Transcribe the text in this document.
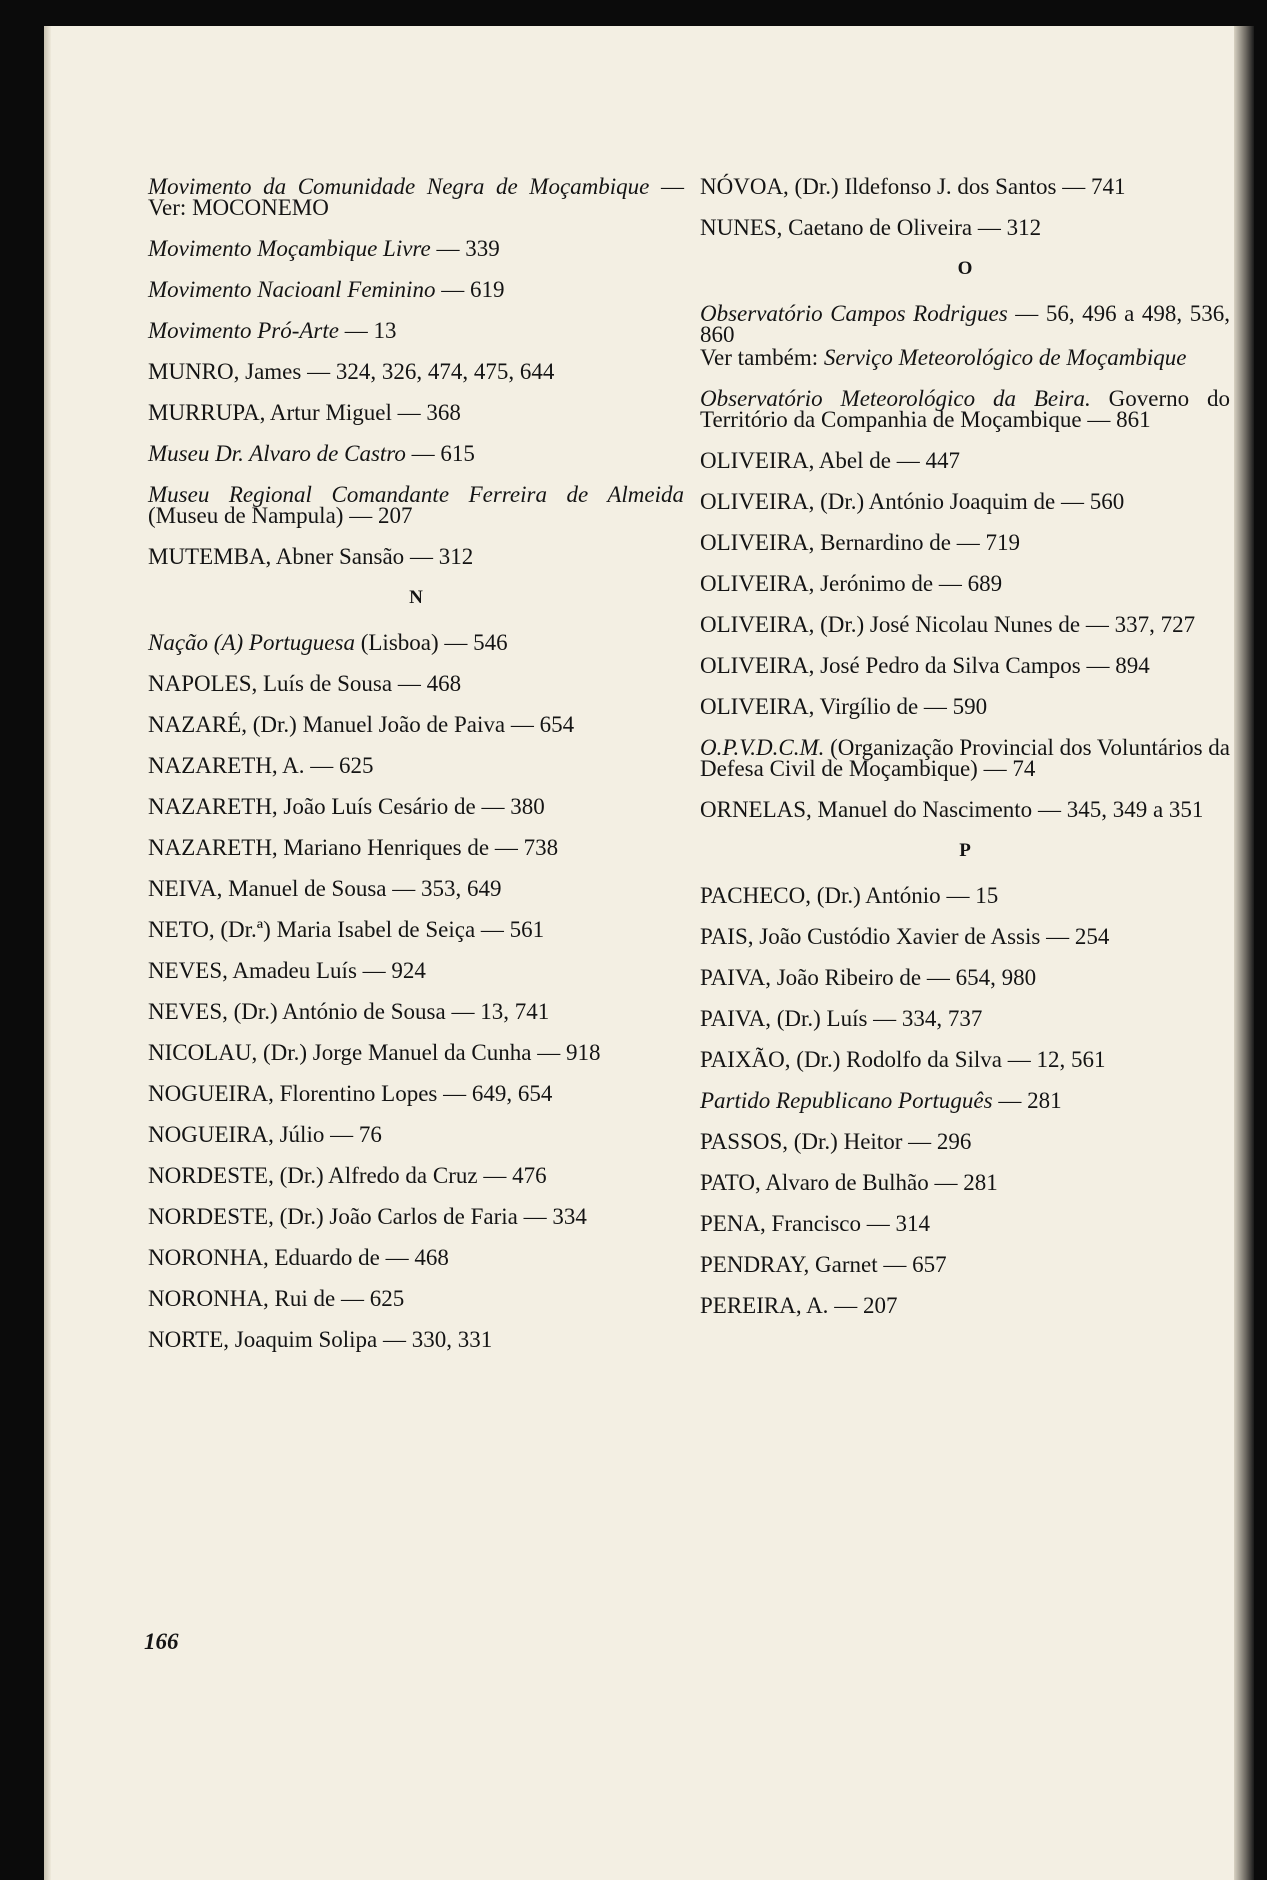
Movimento da Comunidade Negra de Moçambique — Ver: MOCONEMO
Movimento Moçambique Livre — 339
Movimento Nacioanl Feminino — 619
Movimento Pró-Arte — 13
MUNRO, James — 324, 326, 474, 475, 644
MURRUPA, Artur Miguel — 368
Museu Dr. Alvaro de Castro — 615
Museu Regional Comandante Ferreira de Almeida (Museu de Nampula) — 207
MUTEMBA, Abner Sansão — 312
N
Nação (A) Portuguesa (Lisboa) — 546
NAPOLES, Luís de Sousa — 468
NAZARÉ, (Dr.) Manuel João de Paiva — 654
NAZARETH, A. — 625
NAZARETH, João Luís Cesário de — 380
NAZARETH, Mariano Henriques de — 738
NEIVA, Manuel de Sousa — 353, 649
NETO, (Dr.ª) Maria Isabel de Seiça — 561
NEVES, Amadeu Luís — 924
NEVES, (Dr.) António de Sousa — 13, 741
NICOLAU, (Dr.) Jorge Manuel da Cunha — 918
NOGUEIRA, Florentino Lopes — 649, 654
NOGUEIRA, Júlio — 76
NORDESTE, (Dr.) Alfredo da Cruz — 476
NORDESTE, (Dr.) João Carlos de Faria — 334
NORONHA, Eduardo de — 468
NORONHA, Rui de — 625
NORTE, Joaquim Solipa — 330, 331
NÓVOA, (Dr.) Ildefonso J. dos Santos — 741
NUNES, Caetano de Oliveira — 312
O
Observatório Campos Rodrigues — 56, 496 a 498, 536, 860
Ver também: Serviço Meteorológico de Moçambique
Observatório Meteorológico da Beira. Governo do Território da Companhia de Moçambique — 861
OLIVEIRA, Abel de — 447
OLIVEIRA, (Dr.) António Joaquim de — 560
OLIVEIRA, Bernardino de — 719
OLIVEIRA, Jerónimo de — 689
OLIVEIRA, (Dr.) José Nicolau Nunes de — 337, 727
OLIVEIRA, José Pedro da Silva Campos — 894
OLIVEIRA, Virgílio de — 590
O.P.V.D.C.M. (Organização Provincial dos Voluntários da Defesa Civil de Moçambique) — 74
ORNELAS, Manuel do Nascimento — 345, 349 a 351
P
PACHECO, (Dr.) António — 15
PAIS, João Custódio Xavier de Assis — 254
PAIVA, João Ribeiro de — 654, 980
PAIVA, (Dr.) Luís — 334, 737
PAIXÃO, (Dr.) Rodolfo da Silva — 12, 561
Partido Republicano Português — 281
PASSOS, (Dr.) Heitor — 296
PATO, Alvaro de Bulhão — 281
PENA, Francisco — 314
PENDRAY, Garnet — 657
PEREIRA, A. — 207
166
